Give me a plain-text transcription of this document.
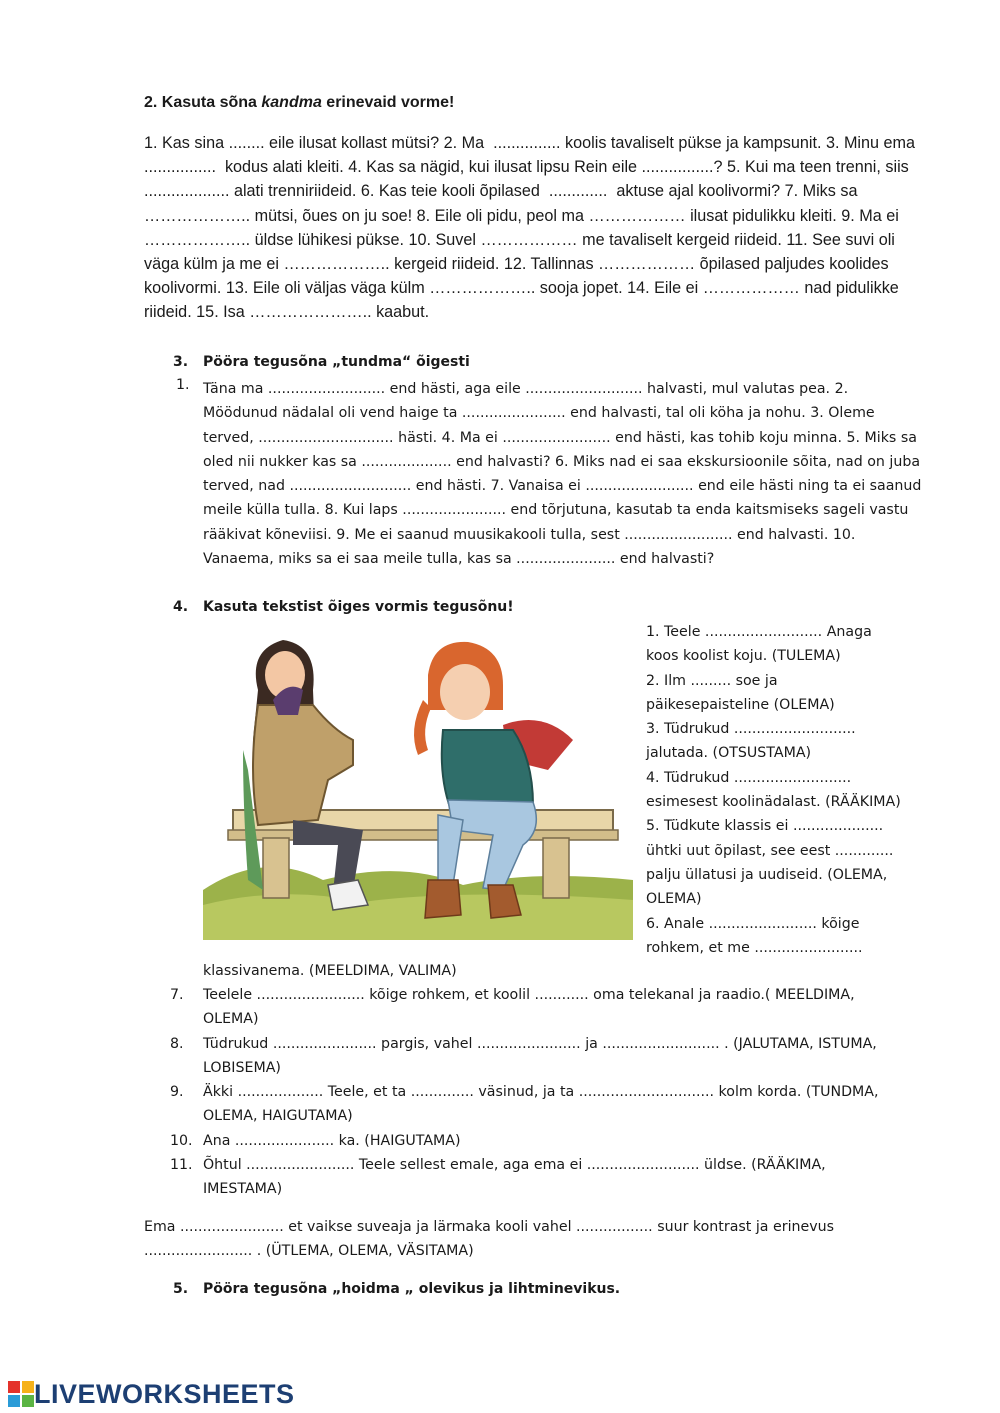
2. Kasuta sõna kandma erinevaid vorme!

1. Kas sina ........ eile ilusat kollast mütsi? 2. Ma  ............... koolis tavaliselt pükse ja kampsunit. 3. Minu ema ................  kodus alati kleiti. 4. Kas sa nägid, kui ilusat lipsu Rein eile ................? 5. Kui ma teen trenni, siis  ................... alati trenniriideid. 6. Kas teie kooli õpilased  .............  aktuse ajal koolivormi? 7. Miks sa ……………….. mütsi, õues on ju soe! 8. Eile oli pidu, peol ma ……………… ilusat pidulikku kleiti. 9. Ma ei ……………….. üldse lühikesi pükse. 10. Suvel ……………… me tavaliselt kergeid riideid. 11. See suvi oli väga külm ja me ei ……………….. kergeid riideid. 12. Tallinnas ……………… õpilased paljudes koolides koolivormi. 13. Eile oli väljas väga külm ……………….. sooja jopet. 14. Eile ei ……………… nad pidulikke riideid. 15. Isa ………………….. kaabut.

3. Pööra tegusõna „tundma“ õigesti
1. Täna ma .......................... end hästi, aga eile .......................... halvasti, mul valutas pea. 2. Möödunud nädalal oli vend haige ta ....................... end halvasti, tal oli köha ja nohu. 3. Oleme terved, .............................. hästi. 4. Ma ei ........................ end hästi, kas tohib koju minna. 5. Miks sa oled nii nukker kas sa .................... end halvasti? 6. Miks nad ei saa ekskursioonile sõita, nad on juba terved, nad ........................... end hästi. 7. Vanaisa ei ........................ end eile hästi ning ta ei saanud meile külla tulla. 8. Kui laps ....................... end tõrjutuna, kasutab ta enda kaitsmiseks sageli vastu rääkivat kõneviisi. 9. Me ei saanud muusikakooli tulla, sest ........................ end halvasti. 10. Vanaema, miks sa ei saa meile tulla, kas sa ...................... end halvasti?

4. Kasuta tekstist õiges vormis tegusõnu!
1. Teele .......................... Anaga
koos koolist koju. (TULEMA)
2. Ilm ......... soe ja
päikesepaisteline (OLEMA)
3. Tüdrukud ...........................
jalutada. (OTSUSTAMA)
4. Tüdrukud ..........................
esimesest koolinädalast. (RÄÄKIMA)
5. Tüdkute klassis ei ....................
ühtki uut õpilast, see eest .............
palju üllatusi ja uudiseid. (OLEMA,
OLEMA)
6. Anale ........................ kõige
rohkem, et me ........................
klassivanema. (MEELDIMA, VALIMA)
7. Teelele ........................ kõige rohkem, et koolil ............ oma telekanal ja raadio.( MEELDIMA,
OLEMA)
8. Tüdrukud ....................... pargis, vahel ....................... ja .......................... . (JALUTAMA, ISTUMA,
LOBISEMA)
9. Äkki ................... Teele, et ta .............. väsinud, ja ta .............................. kolm korda. (TUNDMA,
OLEMA, HAIGUTAMA)
10. Ana ...................... ka. (HAIGUTAMA)
11. Õhtul ........................ Teele sellest emale, aga ema ei ......................... üldse. (RÄÄKIMA,
IMESTAMA)

Ema ....................... et vaikse suveaja ja lärmaka kooli vahel ................. suur kontrast ja erinevus ........................ . (ÜTLEMA, OLEMA, VÄSITAMA)

5. Pööra tegusõna „hoidma „ olevikus ja lihtminevikus.
LIVEWORKSHEETS
